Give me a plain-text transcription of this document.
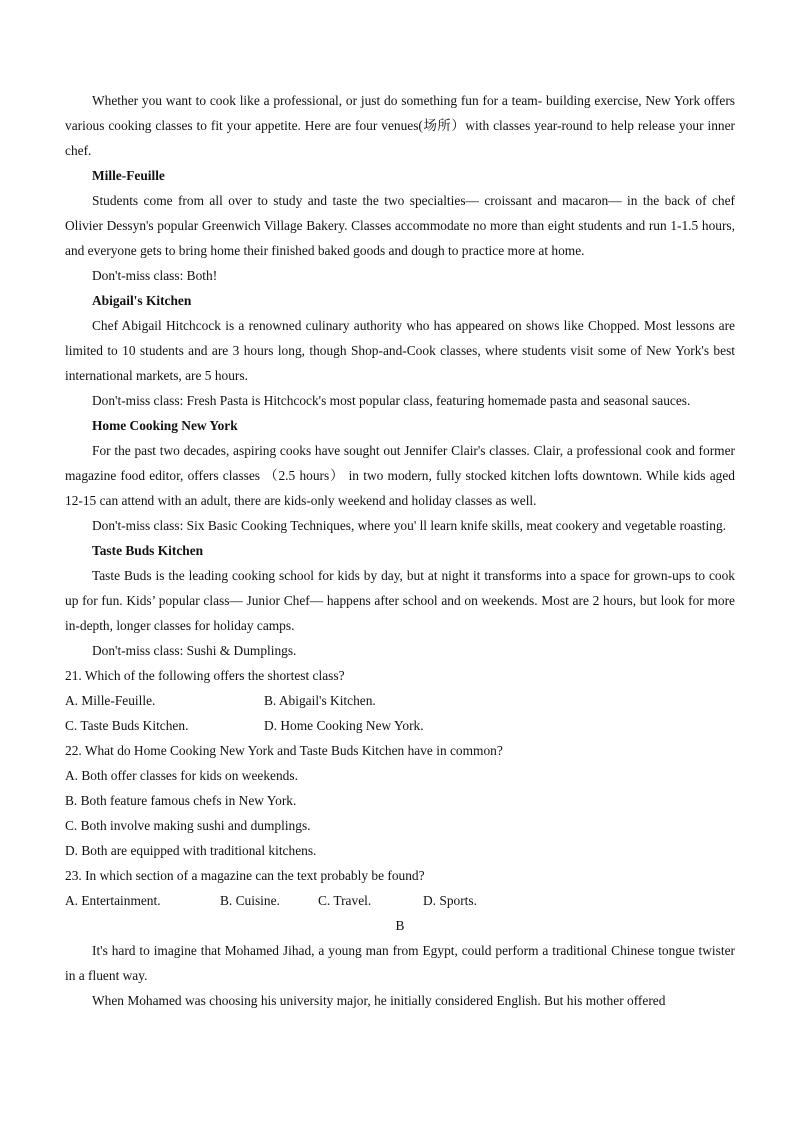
Whether you want to cook like a professional, or just do something fun for a team- building exercise, New York offers various cooking classes to fit your appetite. Here are four venues(场所）with classes year-round to help release your inner chef.

Mille-Feuille

Students come from all over to study and taste the two specialties— croissant and macaron— in the back of chef Olivier Dessyn's popular Greenwich Village Bakery. Classes accommodate no more than eight students and run 1-1.5 hours, and everyone gets to bring home their finished baked goods and dough to practice more at home.

Don't-miss class: Both!

Abigail's Kitchen

Chef Abigail Hitchcock is a renowned culinary authority who has appeared on shows like Chopped. Most lessons are limited to 10 students and are 3 hours long, though Shop-and-Cook classes, where students visit some of New York's best international markets, are 5 hours.

Don't-miss class: Fresh Pasta is Hitchcock's most popular class, featuring homemade pasta and seasonal sauces.

Home Cooking New York

For the past two decades, aspiring cooks have sought out Jennifer Clair's classes. Clair, a professional cook and former magazine food editor, offers classes （2.5 hours） in two modern, fully stocked kitchen lofts downtown. While kids aged 12-15 can attend with an adult, there are kids-only weekend and holiday classes as well.

Don't-miss class: Six Basic Cooking Techniques, where you' ll learn knife skills, meat cookery and vegetable roasting.

Taste Buds Kitchen

Taste Buds is the leading cooking school for kids by day, but at night it transforms into a space for grown-ups to cook up for fun. Kids’ popular class— Junior Chef— happens after school and on weekends. Most are 2 hours, but look for more in-depth, longer classes for holiday camps.

Don't-miss class: Sushi & Dumplings.

21. Which of the following offers the shortest class?

A. Mille-Feuille.	B. Abigail's Kitchen.
C. Taste Buds Kitchen.	D. Home Cooking New York.

22. What do Home Cooking New York and Taste Buds Kitchen have in common?

A. Both offer classes for kids on weekends.

B. Both feature famous chefs in New York.

C. Both involve making sushi and dumplings.

D. Both are equipped with traditional kitchens.

23. In which section of a magazine can the text probably be found?

A. Entertainment.	B. Cuisine.	C. Travel.	D. Sports.

B

It's hard to imagine that Mohamed Jihad, a young man from Egypt, could perform a traditional Chinese tongue twister in a fluent way.

When Mohamed was choosing his university major, he initially considered English. But his mother offered
